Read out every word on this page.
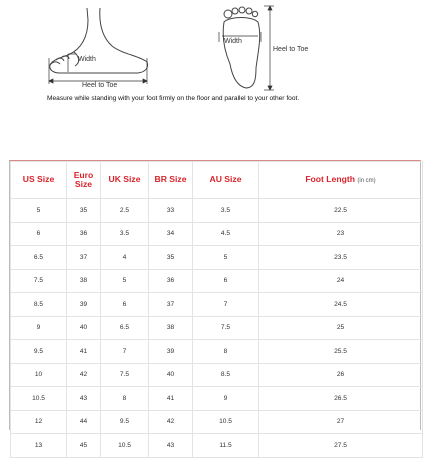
Width
Heel to Toe
Width
Heel to Toe
Measure while standing with your foot firmly on the floor and parallel to your other foot.
US Size	Euro Size	UK Size	BR Size	AU Size	Foot Length (in cm)
5	35	2.5	33	3.5	22.5
6	36	3.5	34	4.5	23
6.5	37	4	35	5	23.5
7.5	38	5	36	6	24
8.5	39	6	37	7	24.5
9	40	6.5	38	7.5	25
9.5	41	7	39	8	25.5
10	42	7.5	40	8.5	26
10.5	43	8	41	9	26.5
12	44	9.5	42	10.5	27
13	45	10.5	43	11.5	27.5
